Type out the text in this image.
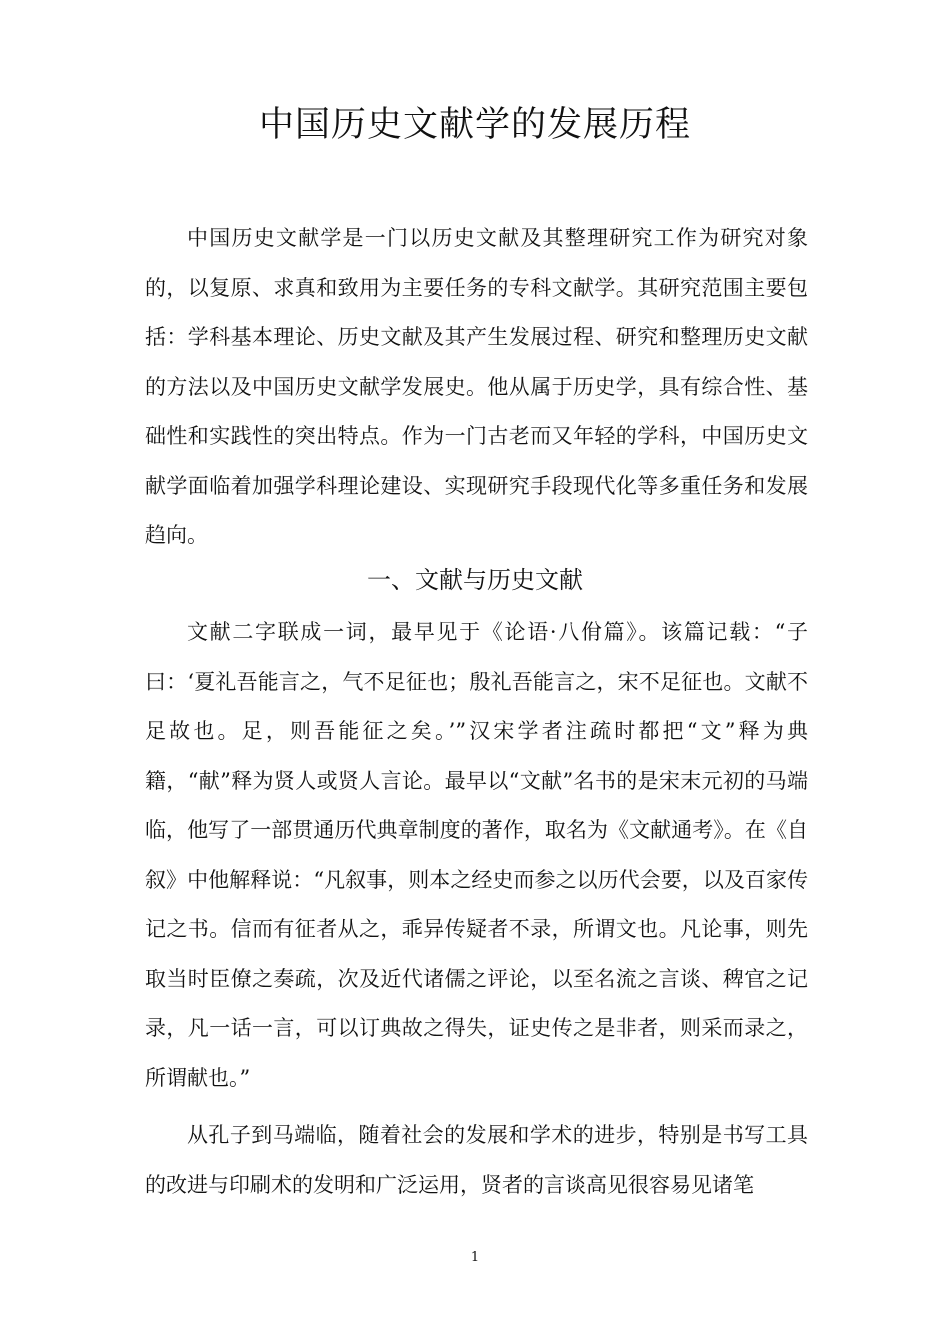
中国历史文献学的发展历程

中国历史文献学是一门以历史文献及其整理研究工作为研究对象的，以复原、求真和致用为主要任务的专科文献学。其研究范围主要包括：学科基本理论、历史文献及其产生发展过程、研究和整理历史文献的方法以及中国历史文献学发展史。他从属于历史学，具有综合性、基础性和实践性的突出特点。作为一门古老而又年轻的学科，中国历史文献学面临着加强学科理论建设、实现研究手段现代化等多重任务和发展趋向。

一、文献与历史文献

文献二字联成一词，最早见于《论语·八佾篇》。该篇记载：“子曰：‘夏礼吾能言之，气不足征也；殷礼吾能言之，宋不足征也。文献不足故也。足，则吾能征之矣。’”汉宋学者注疏时都把“文”释为典籍，“献”释为贤人或贤人言论。最早以“文献”名书的是宋末元初的马端临，他写了一部贯通历代典章制度的著作，取名为《文献通考》。在《自叙》中他解释说：“凡叙事，则本之经史而参之以历代会要，以及百家传记之书。信而有征者从之，乖异传疑者不录，所谓文也。凡论事，则先取当时臣僚之奏疏，次及近代诸儒之评论，以至名流之言谈、稗官之记录，凡一话一言，可以订典故之得失，证史传之是非者，则采而录之，所谓献也。”

从孔子到马端临，随着社会的发展和学术的进步，特别是书写工具的改进与印刷术的发明和广泛运用，贤者的言谈高见很容易见诸笔

1
